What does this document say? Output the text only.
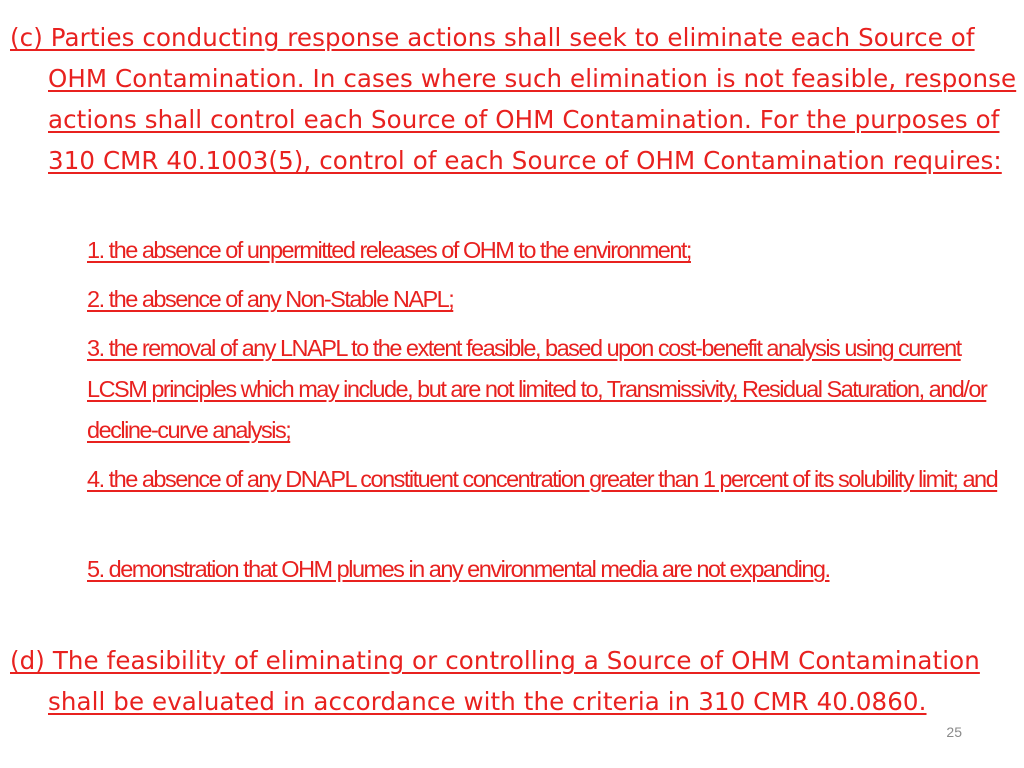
(c) Parties conducting response actions shall seek to eliminate each Source of OHM Contamination. In cases where such elimination is not feasible, response actions shall control each Source of OHM Contamination. For the purposes of 310 CMR 40.1003(5), control of each Source of OHM Contamination requires:

1. the absence of unpermitted releases of OHM to the environment;

2. the absence of any Non-Stable NAPL;

3. the removal of any LNAPL to the extent feasible, based upon cost-benefit analysis using current LCSM principles which may include, but are not limited to, Transmissivity, Residual Saturation, and/or decline-curve analysis;

4. the absence of any DNAPL constituent concentration greater than 1 percent of its solubility limit; and

5. demonstration that OHM plumes in any environmental media are not expanding.

(d) The feasibility of eliminating or controlling a Source of OHM Contamination shall be evaluated in accordance with the criteria in 310 CMR 40.0860.

25
